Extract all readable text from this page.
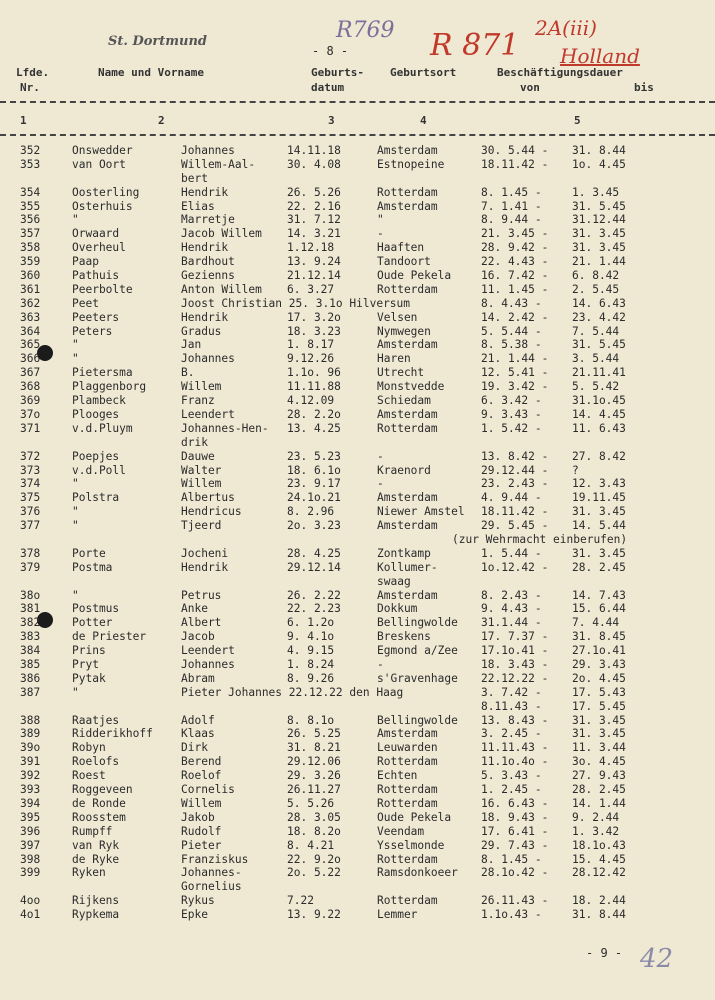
St. Dortmund
- 8 -
R769 R 871 2A(iii)
Holland
Lfde.
Nr.
Name und Vorname	Geburts-
datum
Geburtsort	Beschäftigungsdauer
von	bis
1	2	3	4	5
352	Onswedder	Johannes	14.11.18	Amsterdam	30. 5.44 - 31. 8.44
353	van Oort	Willem-Aal-	30. 4.08	Estnopeine	18.11.42 - 1o. 4.45
bert
354	Oosterling	Hendrik	26. 5.26	Rotterdam	8. 1.45 -	1. 3.45
355	Osterhuis	Elias	22. 2.16	Amsterdam	7. 1.41 -	31. 5.45
356	"	Marretje	31. 7.12	"	8. 9.44 -	31.12.44
357	Orwaard	Jacob Willem 14. 3.21	-	21. 3.45 - 31. 3.45
358	Overheul	Hendrik	1.12.18	Haaften	28. 9.42 - 31. 3.45
359	Paap	Bardhout	13. 9.24	Tandoort	22. 4.43 - 21. 1.44
360	Pathuis	Gezienns	21.12.14	Oude Pekela	16. 7.42 - 6. 8.42
361	Peerbolte	Anton Willem 6. 3.27	Rotterdam	11. 1.45 - 2. 5.45
362	Peet	Joost Christian 25. 3.1o Hilversum	8. 4.43 -	14. 6.43
363	Peeters	Hendrik	17. 3.2o	Velsen	14. 2.42 - 23. 4.42
364	Peters	Gradus	18. 3.23	Nymwegen	5. 5.44 -	7. 5.44
365	"	Jan	1. 8.17	Amsterdam	8. 5.38 -	31. 5.45
366	"	Johannes	9.12.26	Haren	21. 1.44 - 3. 5.44
367	Pietersma	B.	1.1o. 96	Utrecht	12. 5.41 - 21.11.41
368	Plaggenborg	Willem	11.11.88	Monstvedde	19. 3.42 - 5. 5.42
369	Plambeck	Franz	4.12.09	Schiedam	6. 3.42 -	31.1o.45
37o	Plooges	Leendert	28. 2.2o	Amsterdam	9. 3.43 -	14. 4.45
371	v.d.Pluym	Johannes-Hen- 13. 4.25	Rotterdam	1. 5.42 -	11. 6.43
drik
372	Poepjes	Dauwe	23. 5.23	-	13. 8.42 - 27. 8.42
373	v.d.Poll	Walter	18. 6.1o	Kraenord	29.12.44 - ?
374	"	Willem	23. 9.17	-	23. 2.43 - 12. 3.43
375	Polstra	Albertus	24.1o.21	Amsterdam	4. 9.44 -	19.11.45
376	"	Hendricus	8. 2.96	Niewer Amstel 18.11.42 - 31. 3.45
377	"	Tjeerd	2o. 3.23	Amsterdam	29. 5.45 - 14. 5.44
(zur Wehrmacht einberufen)
378	Porte	Jocheni	28. 4.25	Zontkamp	1. 5.44 -	31. 3.45
379	Postma	Hendrik	29.12.14	Kollumer-	1o.12.42 - 28. 2.45
swaag
38o	"	Petrus	26. 2.22	Amsterdam	8. 2.43 -	14. 7.43
381	Postmus	Anke	22. 2.23	Dokkum	9. 4.43 -	15. 6.44
382	Potter	Albert	6. 1.2o	Bellingwolde 31.1.44 -	7. 4.44
383	de Priester	Jacob	9. 4.1o	Breskens	17. 7.37 - 31. 8.45
384	Prins	Leendert	4. 9.15	Egmond a/Zee 17.1o.41 - 27.1o.41
385	Pryt	Johannes	1. 8.24	-	18. 3.43 - 29. 3.43
386	Pytak	Abram	8. 9.26	s'Gravenhage 22.12.22 - 2o. 4.45
387	"	Pieter Johannes 22.12.22 den Haag	3. 7.42 -	17. 5.43
8.11.43 -	17. 5.45
388	Raatjes	Adolf	8. 8.1o	Bellingwolde 13. 8.43 - 31. 3.45
389	Ridderikhoff	Klaas	26. 5.25	Amsterdam	3. 2.45 -	31. 3.45
39o	Robyn	Dirk	31. 8.21	Leuwarden	11.11.43 - 11. 3.44
391	Roelofs	Berend	29.12.06	Rotterdam	11.1o.4o - 3o. 4.45
392	Roest	Roelof	29. 3.26	Echten	5. 3.43 -	27. 9.43
393	Roggeveen	Cornelis	26.11.27	Rotterdam	1. 2.45 -	28. 2.45
394	de Ronde	Willem	5. 5.26	Rotterdam	16. 6.43 - 14. 1.44
395	Roosstem	Jakob	28. 3.05	Oude Pekela	18. 9.43 - 9. 2.44
396	Rumpff	Rudolf	18. 8.2o	Veendam	17. 6.41 - 1. 3.42
397	van Ryk	Pieter	8. 4.21	Ysselmonde	29. 7.43 - 18.1o.43
398	de Ryke	Franziskus	22. 9.2o	Rotterdam	8. 1.45 -	15. 4.45
399	Ryken	Johannes-	2o. 5.22	Ramsdonkoeer 28.1o.42 - 28.12.42
Gornelius
4oo	Rijkens	Rykus	7.22	Rotterdam	26.11.43 - 18. 2.44
4o1	Rypkema	Epke	13. 9.22	Lemmer	1.1o.43 -	31. 8.44
- 9 - 42
